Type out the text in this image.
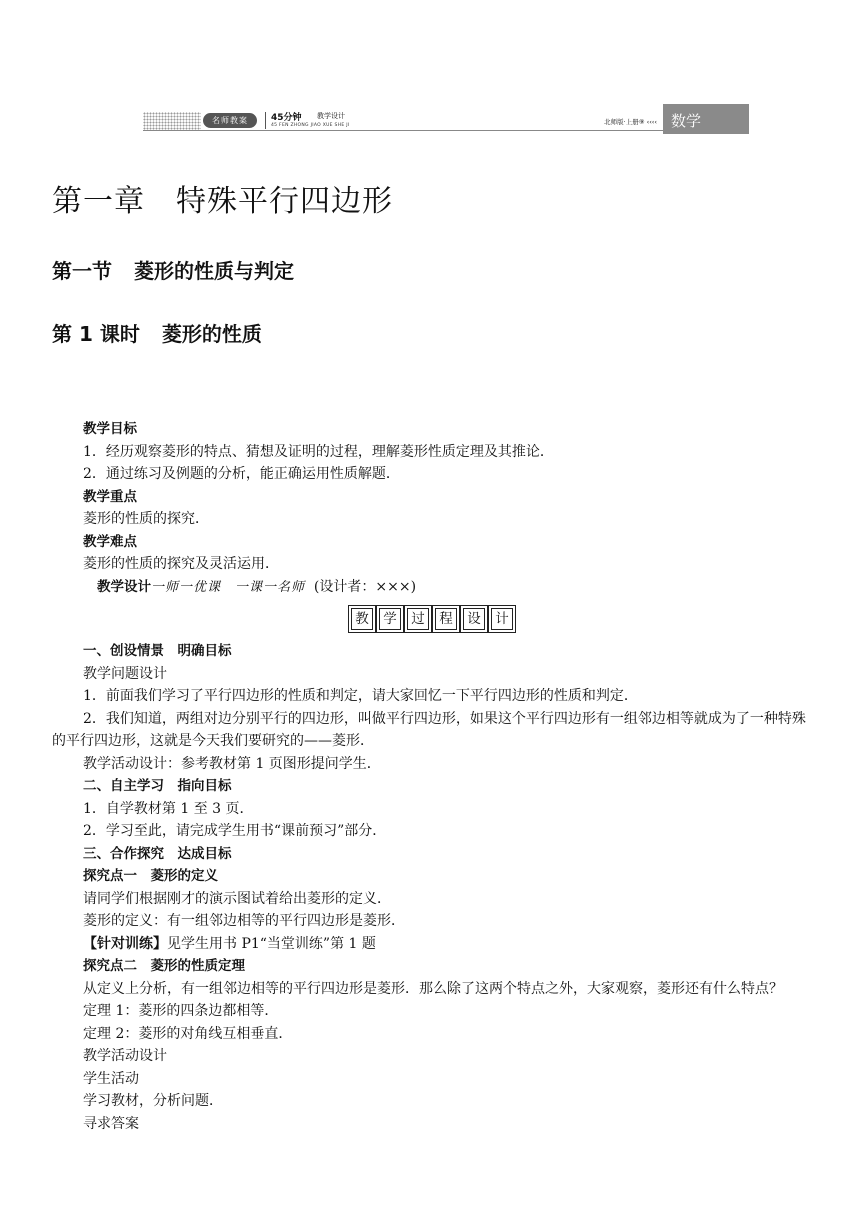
名师教案	45分钟 教学设计
45 FEN ZHONG JIAO XUE SHE JI	北师版·上册⑨ ‹‹‹‹ 数学
第一章　特殊平行四边形
第一节 菱形的性质与判定
第 1 课时 菱形的性质

教学目标

1．经历观察菱形的特点、猜想及证明的过程，理解菱形性质定理及其推论．

2．通过练习及例题的分析，能正确运用性质解题．

教学重点

菱形的性质的探究．

教学难点

菱形的性质的探究及灵活运用．

教学设计一师一优课　一课一名师 (设计者：×××)

教 学 过 程 设 计

一、创设情景　明确目标

教学问题设计

1．前面我们学习了平行四边形的性质和判定，请大家回忆一下平行四边形的性质和判定．

2．我们知道，两组对边分别平行的四边形，叫做平行四边形，如果这个平行四边形有一组邻边相等就成为了一种特殊的平行四边形，这就是今天我们要研究的——菱形．

教学活动设计：参考教材第 1 页图形提问学生．

二、自主学习　指向目标

1．自学教材第 1 至 3 页．

2．学习至此，请完成学生用书“课前预习”部分．

三、合作探究　达成目标

探究点一　菱形的定义

请同学们根据刚才的演示图试着给出菱形的定义．

菱形的定义：有一组邻边相等的平行四边形是菱形．

【针对训练】见学生用书 P1“当堂训练”第 1 题

探究点二　菱形的性质定理

从定义上分析，有一组邻边相等的平行四边形是菱形．那么除了这两个特点之外，大家观察，菱形还有什么特点？

定理 1：菱形的四条边都相等．

定理 2：菱形的对角线互相垂直．

教学活动设计

学生活动

学习教材，分析问题．

寻求答案
